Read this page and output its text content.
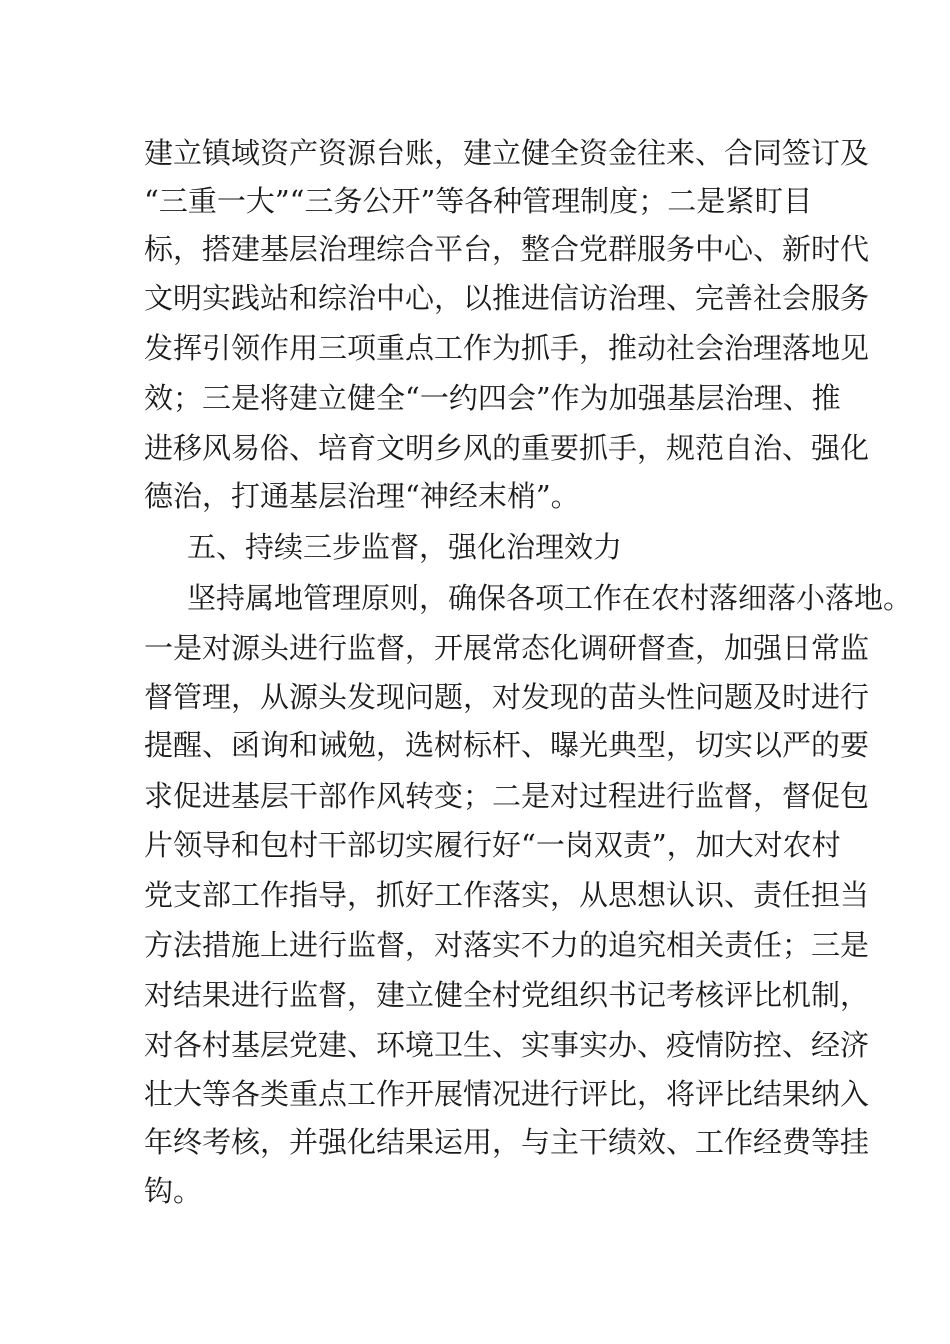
建立镇域资产资源台账，建立健全资金往来、合同签订及
“三重一大”“三务公开”等各种管理制度；二是紧盯目
标，搭建基层治理综合平台，整合党群服务中心、新时代
文明实践站和综治中心，以推进信访治理、完善社会服务
发挥引领作用三项重点工作为抓手，推动社会治理落地见
效；三是将建立健全“一约四会”作为加强基层治理、推
进移风易俗、培育文明乡风的重要抓手，规范自治、强化
德治，打通基层治理“神经末梢”。
五、持续三步监督，强化治理效力
坚持属地管理原则，确保各项工作在农村落细落小落地。
一是对源头进行监督，开展常态化调研督查，加强日常监
督管理，从源头发现问题，对发现的苗头性问题及时进行
提醒、函询和诫勉，选树标杆、曝光典型，切实以严的要
求促进基层干部作风转变；二是对过程进行监督，督促包
片领导和包村干部切实履行好“一岗双责”，加大对农村
党支部工作指导，抓好工作落实，从思想认识、责任担当
方法措施上进行监督，对落实不力的追究相关责任；三是
对结果进行监督，建立健全村党组织书记考核评比机制，
对各村基层党建、环境卫生、实事实办、疫情防控、经济
壮大等各类重点工作开展情况进行评比，将评比结果纳入
年终考核，并强化结果运用，与主干绩效、工作经费等挂
钩。
